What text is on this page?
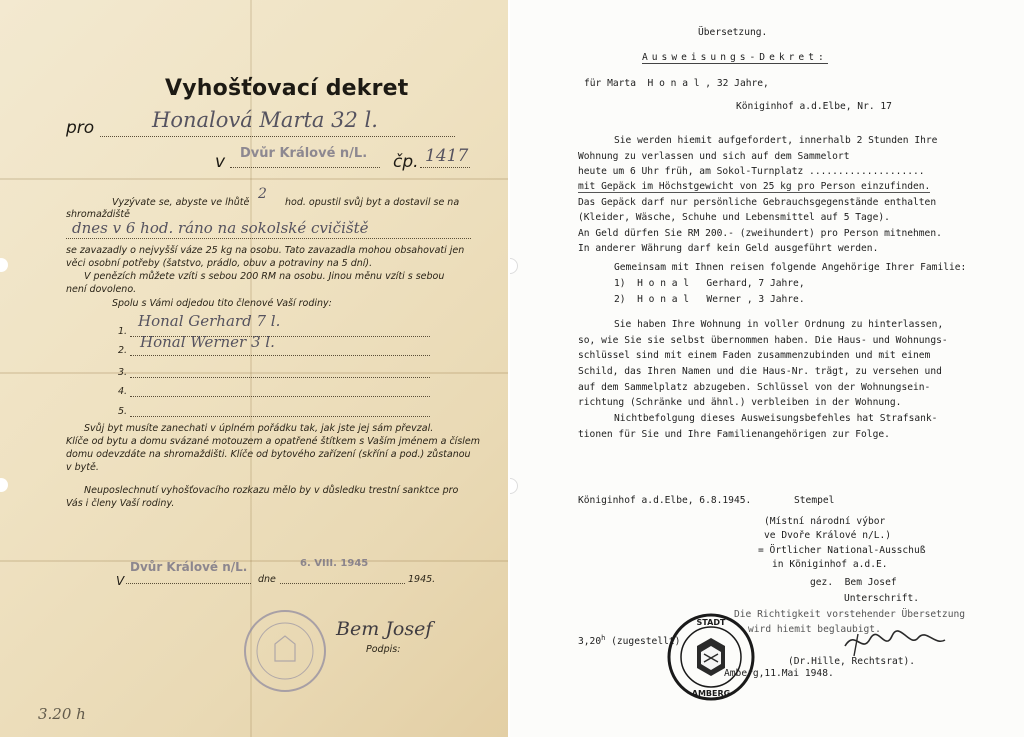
Vyhošťovací dekret
pro	Honalová Marta 32 l.
v Dvůr Králové n/L. čp. 1417
Vyzývate se, abyste ve lhůtě
2
hod. opustil svůj byt a dostavil se na
shromaždiště
dnes v 6 hod. ráno na sokolské cvičiště
se zavazadly o nejvyšší váze 25 kg na osobu. Tato zavazadla mohou obsahovati jen
věci osobní potřeby (šatstvo, prádlo, obuv a potraviny na 5 dní).
V penězích můžete vzíti s sebou 200 RM na osobu. Jinou měnu vzíti s sebou
není dovoleno.
Spolu s Vámi odjedou tito členové Vaší rodiny:
1.
Honal Gerhard 7 l.
2. Honal Werner 3 l.
3.
4.
5.
Svůj byt musíte zanechati v úplném pořádku tak, jak jste jej sám převzal.
Klíče od bytu a domu svázané motouzem a opatřené štítkem s Vaším jménem a číslem
domu odevzdáte na shromaždišti. Klíče od bytového zařízení (skříní a pod.) zůstanou
v bytě.
Neuposlechnutí vyhošťovacího rozkazu mělo by v důsledku trestní sanktce pro
Vás i členy Vaší rodiny.
V
Dvůr Králové n/L.
dne
6. VIII. 1945
1945.
Bem Josef
Podpis:
3.20 h
Übersetzung.
Ausweisungs-Dekret:
für Marta  H o n a l , 32 Jahre,
Königinhof a.d.Elbe, Nr. 17
Sie werden hiemit aufgefordert, innerhalb 2 Stunden Ihre
Wohnung zu verlassen und sich auf dem Sammelort
heute um 6 Uhr früh, am Sokol-Turnplatz ....................
mit Gepäck im Höchstgewicht von 25 kg pro Person einzufinden.
Das Gepäck darf nur persönliche Gebrauchsgegenstände enthalten
(Kleider, Wäsche, Schuhe und Lebensmittel auf 5 Tage).
An Geld dürfen Sie RM 200.- (zweihundert) pro Person mitnehmen.
In anderer Währung darf kein Geld ausgeführt werden.
Gemeinsam mit Ihnen reisen folgende Angehörige Ihrer Familie:
1)  H o n a l   Gerhard, 7 Jahre,
2)  H o n a l   Werner , 3 Jahre.
Sie haben Ihre Wohnung in voller Ordnung zu hinterlassen,
so, wie Sie sie selbst übernommen haben. Die Haus- und Wohnungs-
schlüssel sind mit einem Faden zusammenzubinden und mit einem
Schild, das Ihren Namen und die Haus-Nr. trägt, zu versehen und
auf dem Sammelplatz abzugeben. Schlüssel von der Wohnungsein-
richtung (Schränke und ähnl.) verbleiben in der Wohnung.
Nichtbefolgung dieses Ausweisungsbefehles hat Strafsank-
tionen für Sie und Ihre Familienangehörigen zur Folge.
Königinhof a.d.Elbe, 6.8.1945.	Stempel
(Místní národní výbor
ve Dvoře Králové n/L.)
= Örtlicher National-Ausschuß
in Königinhof a.d.E.
gez.  Bem Josef
Unterschrift.
Die Richtigkeit vorstehender Übersetzung
wird hiemit beglaubigt.
3,20$^h$ (zugestellt)
STADT
AMBERG
(Dr.Hille, Rechtsrat).
Amberg,11.Mai 1948.
